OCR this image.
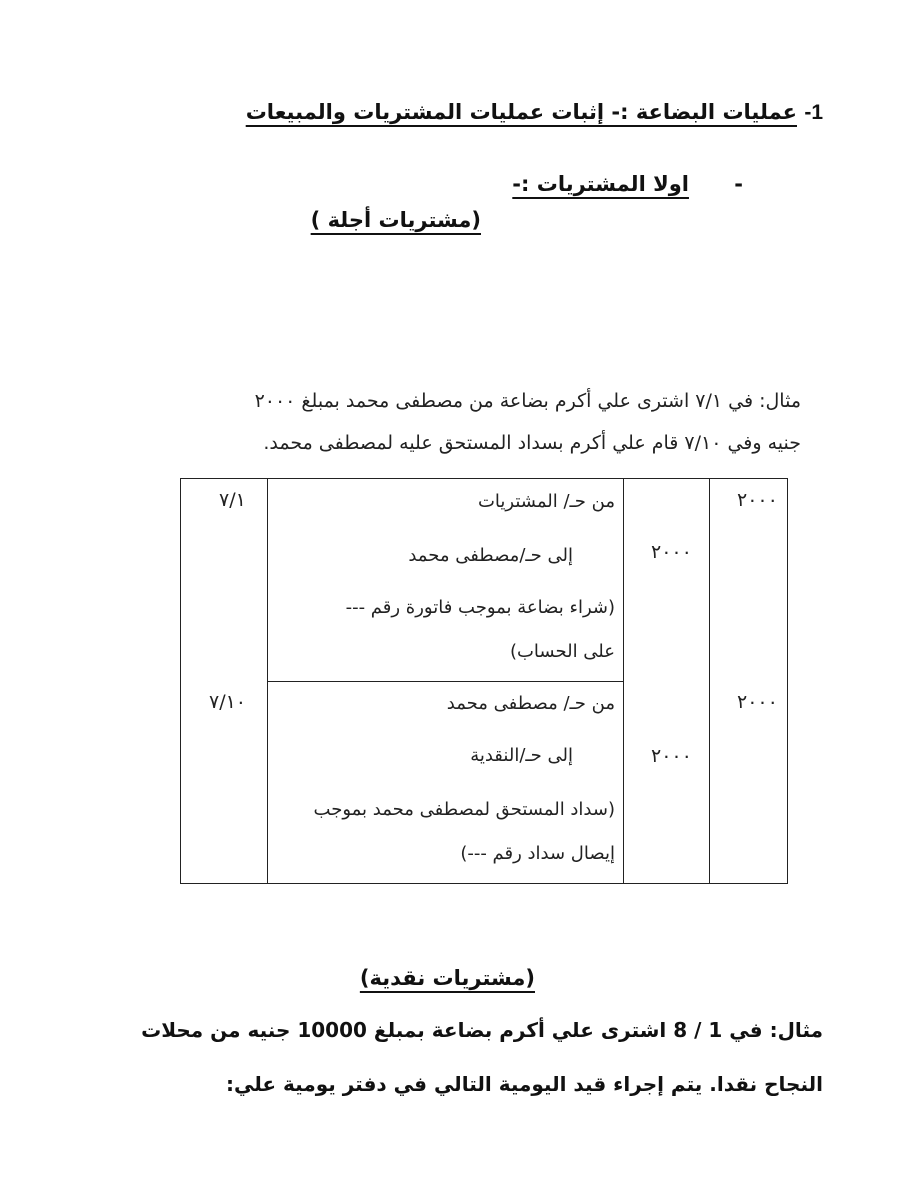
1- عمليات البضاعة :- إثبات عمليات المشتريات والمبيعات
- اولا المشتريات :-
(مشتريات أجلة )
مثال: في ٧/١ اشترى علي أكرم بضاعة من مصطفى محمد بمبلغ ٢٠٠٠
جنيه وفي ٧/١٠ قام علي أكرم بسداد المستحق عليه لمصطفى محمد.
٧/١	من حـ/ المشتريات
إلى حـ/مصطفى محمد
(شراء بضاعة بموجب فاتورة رقم ---
على الحساب)
٢٠٠٠
٢٠٠٠
٧/١٠	من حـ/ مصطفى محمد
إلى حـ/النقدية
(سداد المستحق لمصطفى محمد بموجب
إيصال سداد رقم ---)
٢٠٠٠
٢٠٠٠
(مشتريات نقدية)
مثال: في 1 / 8 اشترى علي أكرم بضاعة بمبلغ 10000 جنيه من محلات
النجاح نقدا. يتم إجراء قيد اليومية التالي في دفتر يومية علي:
